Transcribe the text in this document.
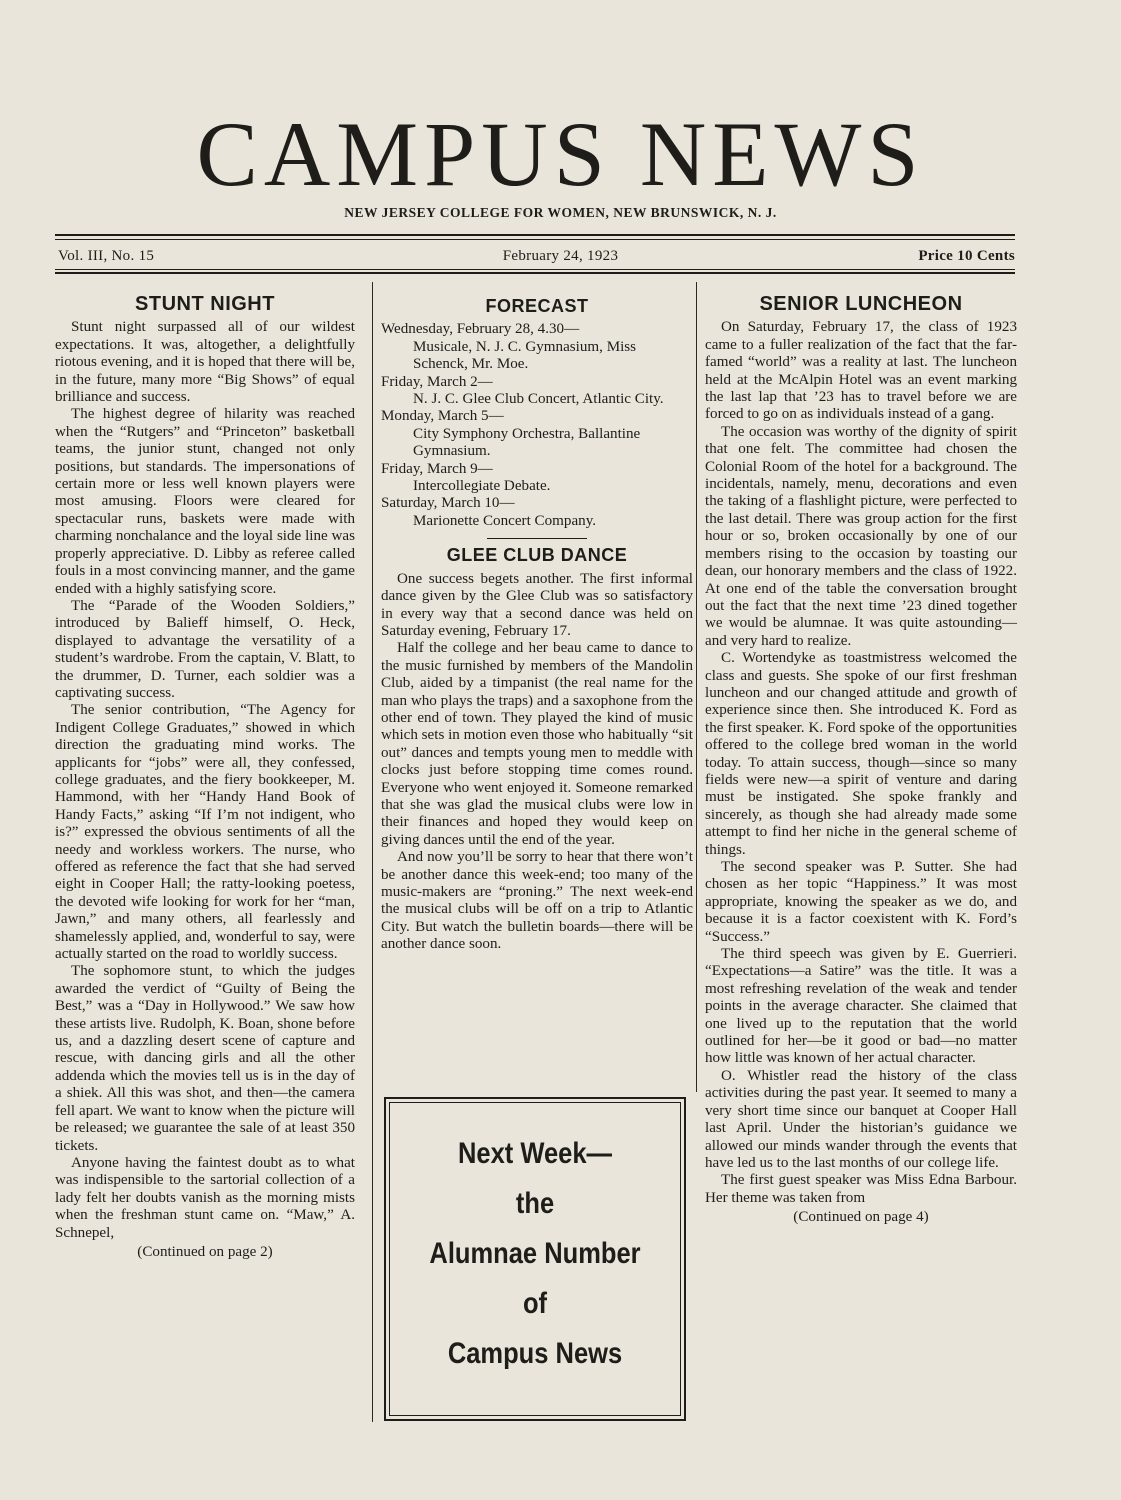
CAMPUS NEWS
NEW JERSEY COLLEGE FOR WOMEN, NEW BRUNSWICK, N. J.
Vol. III, No. 15	February 24, 1923	Price 10 Cents
STUNT NIGHT

Stunt night surpassed all of our wildest expectations. It was, altogether, a delightfully riotous evening, and it is hoped that there will be, in the future, many more “Big Shows” of equal brilliance and success.

The highest degree of hilarity was reached when the “Rutgers” and “Princeton” basketball teams, the junior stunt, changed not only positions, but standards. The impersonations of certain more or less well known players were most amusing. Floors were cleared for spectacular runs, baskets were made with charming nonchalance and the loyal side line was properly appreciative. D. Libby as referee called fouls in a most convincing manner, and the game ended with a highly satisfying score.

The “Parade of the Wooden Soldiers,” introduced by Balieff himself, O. Heck, displayed to advantage the versatility of a student’s wardrobe. From the captain, V. Blatt, to the drummer, D. Turner, each soldier was a captivating success.

The senior contribution, “The Agency for Indigent College Graduates,” showed in which direction the graduating mind works. The applicants for “jobs” were all, they confessed, college graduates, and the fiery bookkeeper, M. Hammond, with her “Handy Hand Book of Handy Facts,” asking “If I’m not indigent, who is?” expressed the obvious sentiments of all the needy and workless workers. The nurse, who offered as reference the fact that she had served eight in Cooper Hall; the ratty-looking poetess, the devoted wife looking for work for her “man, Jawn,” and many others, all fearlessly and shamelessly applied, and, wonderful to say, were actually started on the road to worldly success.

The sophomore stunt, to which the judges awarded the verdict of “Guilty of Being the Best,” was a “Day in Hollywood.” We saw how these artists live. Rudolph, K. Boan, shone before us, and a dazzling desert scene of capture and rescue, with dancing girls and all the other addenda which the movies tell us is in the day of a shiek. All this was shot, and then—the camera fell apart. We want to know when the picture will be released; we guarantee the sale of at least 350 tickets.

Anyone having the faintest doubt as to what was indispensible to the sartorial collection of a lady felt her doubts vanish as the morning mists when the freshman stunt came on. “Maw,” A. Schnepel,

(Continued on page 2)

FORECAST

Wednesday, February 28, 4.30—

Musicale, N. J. C. Gymnasium, Miss Schenck, Mr. Moe.

Friday, March 2—

N. J. C. Glee Club Concert, Atlantic City.

Monday, March 5—

City Symphony Orchestra, Ballantine Gymnasium.

Friday, March 9—

Intercollegiate Debate.

Saturday, March 10—

Marionette Concert Company.

GLEE CLUB DANCE

One success begets another. The first informal dance given by the Glee Club was so satisfactory in every way that a second dance was held on Saturday evening, February 17.

Half the college and her beau came to dance to the music furnished by members of the Mandolin Club, aided by a timpanist (the real name for the man who plays the traps) and a saxophone from the other end of town. They played the kind of music which sets in motion even those who habitually “sit out” dances and tempts young men to meddle with clocks just before stopping time comes round. Everyone who went enjoyed it. Someone remarked that she was glad the musical clubs were low in their finances and hoped they would keep on giving dances until the end of the year.

And now you’ll be sorry to hear that there won’t be another dance this week-end; too many of the music-makers are “proning.” The next week-end the musical clubs will be off on a trip to Atlantic City. But watch the bulletin boards—there will be another dance soon.

Next Week—
the
Alumnae Number
of
Campus News
SENIOR LUNCHEON

On Saturday, February 17, the class of 1923 came to a fuller realization of the fact that the far-famed “world” was a reality at last. The luncheon held at the McAlpin Hotel was an event marking the last lap that ’23 has to travel before we are forced to go on as individuals instead of a gang.

The occasion was worthy of the dignity of spirit that one felt. The committee had chosen the Colonial Room of the hotel for a background. The incidentals, namely, menu, decorations and even the taking of a flashlight picture, were perfected to the last detail. There was group action for the first hour or so, broken occasionally by one of our members rising to the occasion by toasting our dean, our honorary members and the class of 1922. At one end of the table the conversation brought out the fact that the next time ’23 dined together we would be alumnae. It was quite astounding—and very hard to realize.

C. Wortendyke as toastmistress welcomed the class and guests. She spoke of our first freshman luncheon and our changed attitude and growth of experience since then. She introduced K. Ford as the first speaker. K. Ford spoke of the opportunities offered to the college bred woman in the world today. To attain success, though—since so many fields were new—a spirit of venture and daring must be instigated. She spoke frankly and sincerely, as though she had already made some attempt to find her niche in the general scheme of things.

The second speaker was P. Sutter. She had chosen as her topic “Happiness.” It was most appropriate, knowing the speaker as we do, and because it is a factor coexistent with K. Ford’s “Success.”

The third speech was given by E. Guerrieri. “Expectations—a Satire” was the title. It was a most refreshing revelation of the weak and tender points in the average character. She claimed that one lived up to the reputation that the world outlined for her—be it good or bad—no matter how little was known of her actual character.

O. Whistler read the history of the class activities during the past year. It seemed to many a very short time since our banquet at Cooper Hall last April. Under the historian’s guidance we allowed our minds wander through the events that have led us to the last months of our college life.

The first guest speaker was Miss Edna Barbour. Her theme was taken from

(Continued on page 4)
